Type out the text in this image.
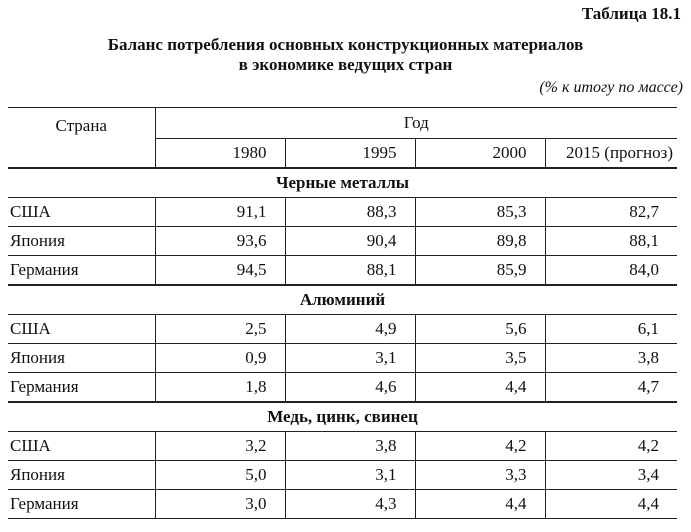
Таблица 18.1
Баланс потребления основных конструкционных материалов
в экономике ведущих стран
(% к итогу по массе)
Страна	Год			
	1980	1995	2000	2015 (прогноз)
Черные металлы				
США	91,1	88,3	85,3	82,7
Япония	93,6	90,4	89,8	88,1
Германия	94,5	88,1	85,9	84,0
Алюминий				
США	2,5	4,9	5,6	6,1
Япония	0,9	3,1	3,5	3,8
Германия	1,8	4,6	4,4	4,7
Медь, цинк, свинец				
США	3,2	3,8	4,2	4,2
Япония	5,0	3,1	3,3	3,4
Германия	3,0	4,3	4,4	4,4
